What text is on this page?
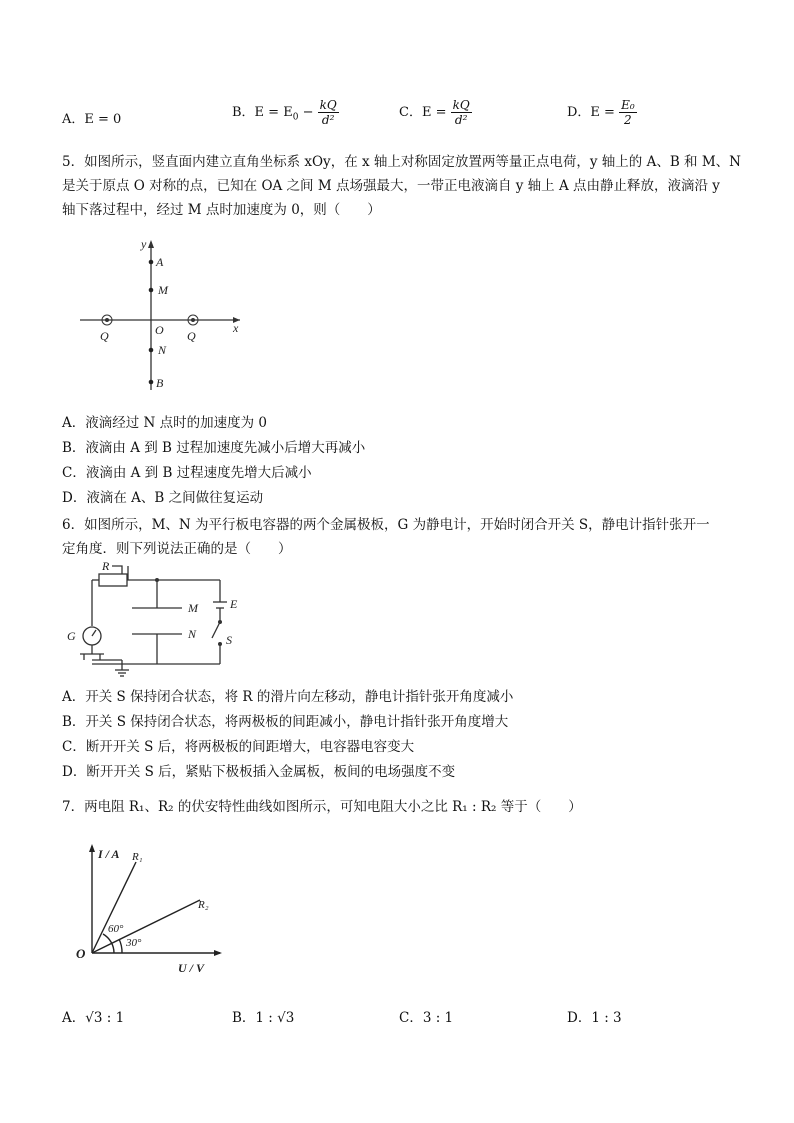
A．E = 0	B．$E = E_0 - \frac{kQ}{\text{d²}}$	C．$E = \frac{kQ}{\text{d²}}$	D．$E = \frac{\text{E₀}}{2}$
5．如图所示，竖直面内建立直角坐标系 xOy，在 x 轴上对称固定放置两等量正点电荷，y 轴上的 A、B 和 M、N
是关于原点 O 对称的点，已知在 OA 之间 M 点场强最大，一带正电液滴自 y 轴上 A 点由静止释放，液滴沿 y
轴下落过程中，经过 M 点时加速度为 0，则（　　）
y
x
A
M
O
N
B
Q	Q
A．液滴经过 N 点时的加速度为 0
B．液滴由 A 到 B 过程加速度先减小后增大再减小
C．液滴由 A 到 B 过程速度先增大后减小
D．液滴在 A、B 之间做往复运动
6．如图所示，M、N 为平行板电容器的两个金属极板，G 为静电计，开始时闭合开关 S，静电计指针张开一
定角度．则下列说法正确的是（　　）
R
M
N
E
S
G
A．开关 S 保持闭合状态，将 R 的滑片向左移动，静电计指针张开角度减小
B．开关 S 保持闭合状态，将两极板的间距减小，静电计指针张开角度增大
C．断开开关 S 后，将两极板的间距增大，电容器电容变大
D．断开开关 S 后，紧贴下极板插入金属板，板间的电场强度不变
7．两电阻 R₁、R₂ 的伏安特性曲线如图所示，可知电阻大小之比 R₁ : R₂ 等于（　　）
I / A
U / V
O
R₁
R₂
60°
30°
A．√3 : 1	B．1 : √3	C．3 : 1	D．1 : 3
